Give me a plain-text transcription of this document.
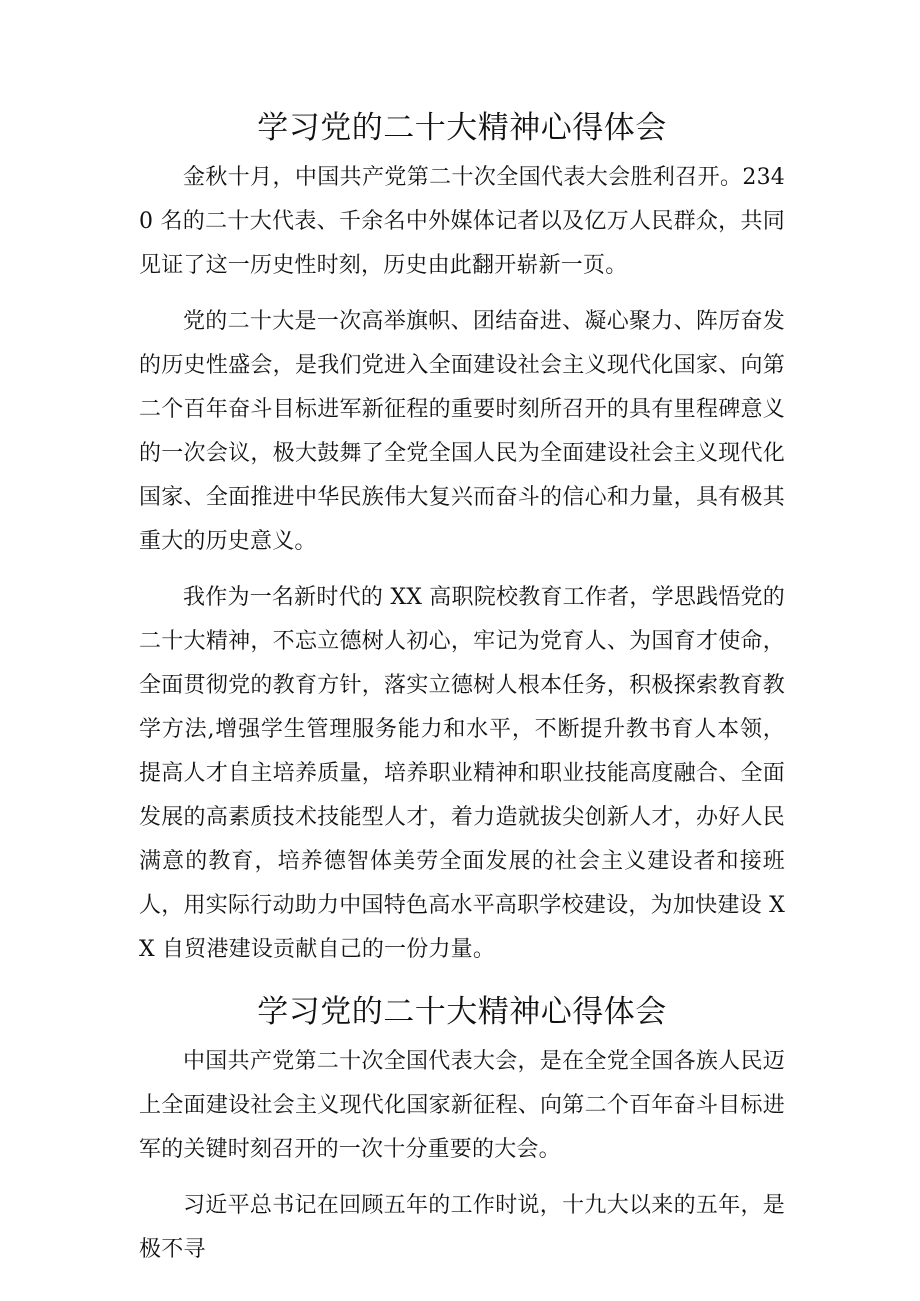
学习党的二十大精神心得体会

金秋十月，中国共产党第二十次全国代表大会胜利召开。2340 名的二十大代表、千余名中外媒体记者以及亿万人民群众，共同见证了这一历史性时刻，历史由此翻开崭新一页。

党的二十大是一次高举旗帜、团结奋进、凝心聚力、阵厉奋发的历史性盛会，是我们党进入全面建设社会主义现代化国家、向第二个百年奋斗目标进军新征程的重要时刻所召开的具有里程碑意义的一次会议，极大鼓舞了全党全国人民为全面建设社会主义现代化国家、全面推进中华民族伟大复兴而奋斗的信心和力量，具有极其重大的历史意义。

我作为一名新时代的 XX 高职院校教育工作者，学思践悟党的二十大精神，不忘立德树人初心，牢记为党育人、为国育才使命，全面贯彻党的教育方针，落实立德树人根本任务，积极探索教育教学方法,增强学生管理服务能力和水平，不断提升教书育人本领，提高人才自主培养质量，培养职业精神和职业技能高度融合、全面发展的高素质技术技能型人才，着力造就拔尖创新人才，办好人民满意的教育，培养德智体美劳全面发展的社会主义建设者和接班人，用实际行动助力中国特色高水平高职学校建设，为加快建设 XX 自贸港建设贡献自己的一份力量。

学习党的二十大精神心得体会

中国共产党第二十次全国代表大会，是在全党全国各族人民迈上全面建设社会主义现代化国家新征程、向第二个百年奋斗目标进军的关键时刻召开的一次十分重要的大会。

习近平总书记在回顾五年的工作时说，十九大以来的五年，是极不寻
